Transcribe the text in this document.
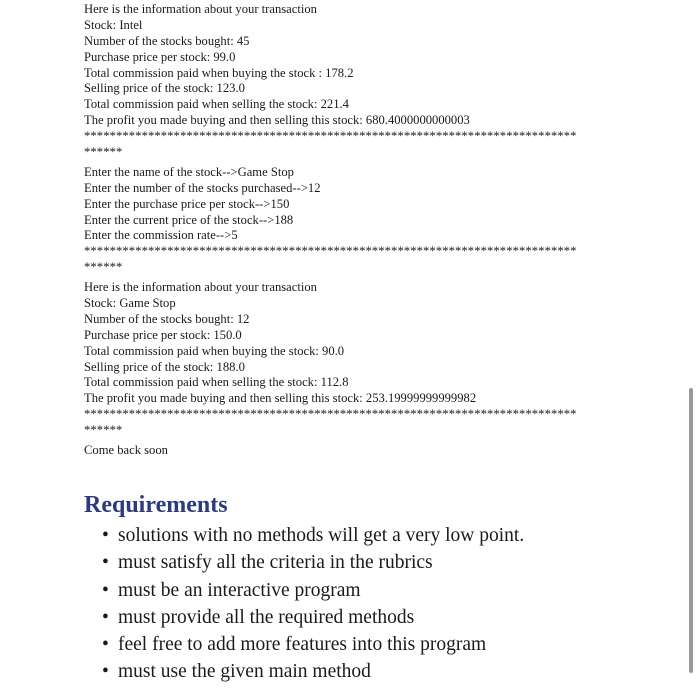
Here is the information about your transaction
Stock: Intel
Number of the stocks bought: 45
Purchase price per stock: 99.0
Total commission paid when buying the stock : 178.2
Selling price of the stock: 123.0
Total commission paid when selling the stock: 221.4
The profit you made buying and then selling this stock: 680.4000000000003
*****************************************************************************
******
Enter the name of the stock-->Game Stop
Enter the number of the stocks purchased-->12
Enter the purchase price per stock-->150
Enter the current price of the stock-->188
Enter the commission rate-->5
*****************************************************************************
******
Here is the information about your transaction
Stock: Game Stop
Number of the stocks bought: 12
Purchase price per stock: 150.0
Total commission paid when buying the stock: 90.0
Selling price of the stock: 188.0
Total commission paid when selling the stock: 112.8
The profit you made buying and then selling this stock: 253.19999999999982
*****************************************************************************
******
Come back soon
Requirements
• solutions with no methods will get a very low point.
• must satisfy all the criteria in the rubrics
• must be an interactive program
• must provide all the required methods
• feel free to add more features into this program
• must use the given main method
